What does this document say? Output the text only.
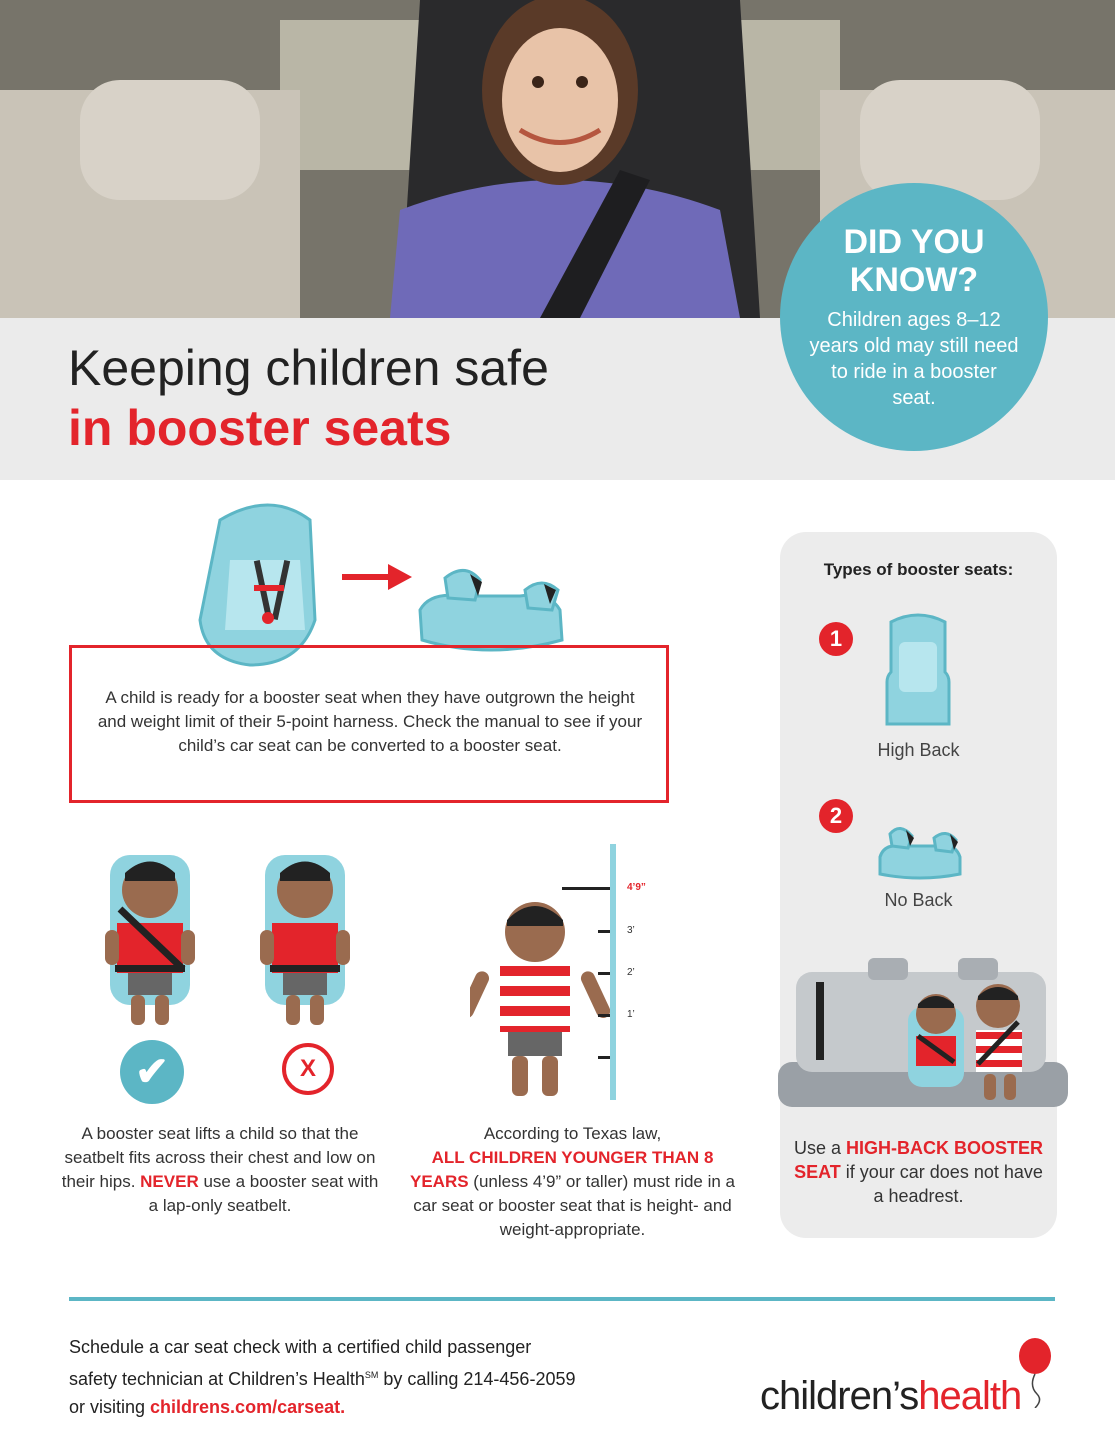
Keeping children safe
in booster seats
DID YOU
KNOW?
Children ages 8–12 years old may still need to ride in a booster seat.
A child is ready for a booster seat when they have outgrown the height and weight limit of their 5-point harness. Check the manual to see if your child’s car seat can be converted to a booster seat.
✔	X
4’9”
3’
2’
1’
A booster seat lifts a child so that the seatbelt fits across their chest and low on their hips. NEVER use a booster seat with a lap-only seatbelt.
According to Texas law,
ALL CHILDREN YOUNGER THAN 8 YEARS (unless 4’9” or taller) must ride in a car seat or booster seat that is height- and weight-appropriate.
Types of booster seats:
1
High Back
2
No Back
Use a HIGH-BACK BOOSTER SEAT if your car does not have a headrest.
Schedule a car seat check with a certified child passenger
safety technician at Children’s Health℠ by calling 214-456-2059
or visiting childrens.com/carseat.	children’shealth
